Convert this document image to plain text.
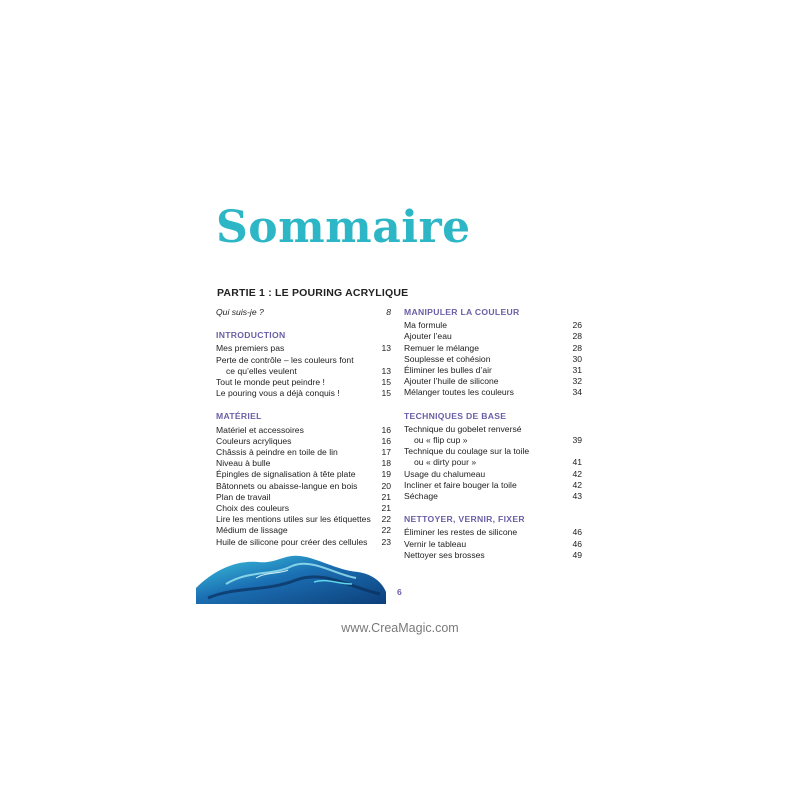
Sommaire
PARTIE 1 : LE POURING ACRYLIQUE
Qui suis-je ?	8
INTRODUCTION
Mes premiers pas	13
Perte de contrôle – les couleurs font
ce qu’elles veulent	13
Tout le monde peut peindre !	15
Le pouring vous a déjà conquis !	15
MATÉRIEL
Matériel et accessoires	16
Couleurs acryliques	16
Châssis à peindre en toile de lin	17
Niveau à bulle	18
Épingles de signalisation à tête plate	19
Bâtonnets ou abaisse-langue en bois	20
Plan de travail	21
Choix des couleurs	21
Lire les mentions utiles sur les étiquettes	22
Médium de lissage	22
Huile de silicone pour créer des cellules	23
MANIPULER LA COULEUR
Ma formule	26
Ajouter l’eau	28
Remuer le mélange	28
Souplesse et cohésion	30
Éliminer les bulles d’air	31
Ajouter l’huile de silicone	32
Mélanger toutes les couleurs	34
TECHNIQUES DE BASE
Technique du gobelet renversé
ou « flip cup »	39
Technique du coulage sur la toile
ou « dirty pour »	41
Usage du chalumeau	42
Incliner et faire bouger la toile	42
Séchage	43
NETTOYER, VERNIR, FIXER
Éliminer les restes de silicone	46
Vernir le tableau	46
Nettoyer ses brosses	49
6
www.CreaMagic.com
